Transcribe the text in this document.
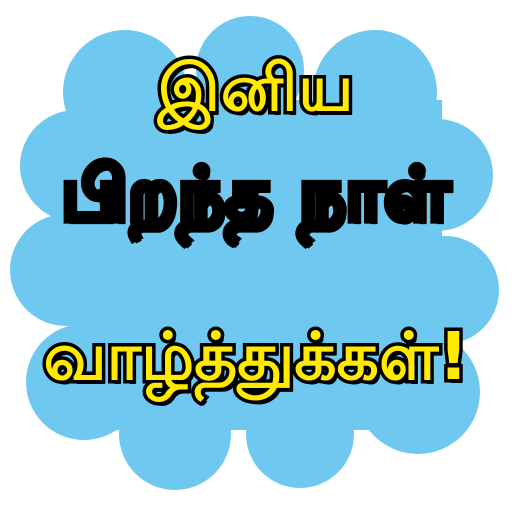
இனிய
பிறந்த நாள்
வாழ்த்துக்கள்!
